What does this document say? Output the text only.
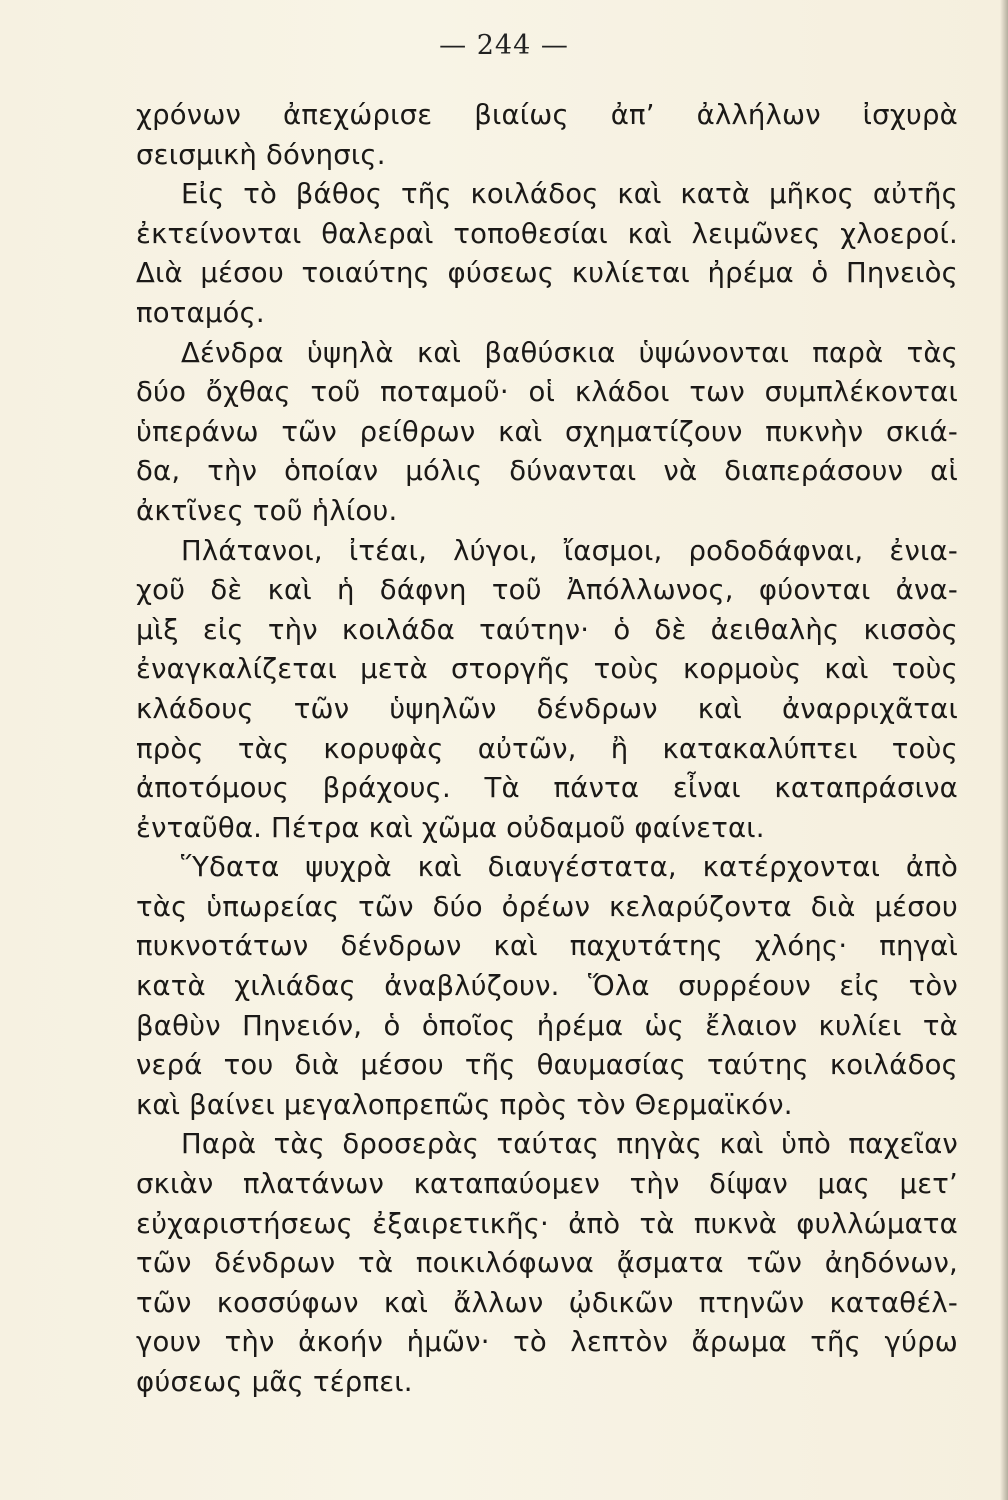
— 244 —
χρόνων ἀπεχώρισε βιαίως ἀπ’ ἀλλήλων ἰσχυρὰ
σεισμικὴ δόνησις.
Εἰς τὸ βάθος τῆς κοιλάδος καὶ κατὰ μῆκος αὐτῆς
ἐκτείνονται θαλεραὶ τοποθεσίαι καὶ λειμῶνες χλοεροί.
Διὰ μέσου τοιαύτης φύσεως κυλίεται ἠρέμα ὁ Πηνειὸς
ποταμός.
Δένδρα ὑψηλὰ καὶ βαθύσκια ὑψώνονται παρὰ τὰς
δύο ὄχθας τοῦ ποταμοῦ· οἱ κλάδοι των συμπλέκονται
ὑπεράνω τῶν ρείθρων καὶ σχηματίζουν πυκνὴν σκιά-
δα, τὴν ὁποίαν μόλις δύνανται νὰ διαπεράσουν αἱ
ἀκτῖνες τοῦ ἡλίου.
Πλάτανοι, ἰτέαι, λύγοι, ἴασμοι, ροδοδάφναι, ἐνια-
χοῦ δὲ καὶ ἡ δάφνη τοῦ Ἀπόλλωνος, φύονται ἀνα-
μὶξ εἰς τὴν κοιλάδα ταύτην· ὁ δὲ ἀειθαλὴς κισσὸς
ἐναγκαλίζεται μετὰ στοργῆς τοὺς κορμοὺς καὶ τοὺς
κλάδους τῶν ὑψηλῶν δένδρων καὶ ἀναρριχᾶται
πρὸς τὰς κορυφὰς αὐτῶν, ἢ κατακαλύπτει τοὺς
ἀποτόμους βράχους. Τὰ πάντα εἶναι καταπράσινα
ἐνταῦθα. Πέτρα καὶ χῶμα οὐδαμοῦ φαίνεται.
Ὕδατα ψυχρὰ καὶ διαυγέστατα, κατέρχονται ἀπὸ
τὰς ὑπωρείας τῶν δύο ὀρέων κελαρύζοντα διὰ μέσου
πυκνοτάτων δένδρων καὶ παχυτάτης χλόης· πηγαὶ
κατὰ χιλιάδας ἀναβλύζουν. Ὅλα συρρέουν εἰς τὸν
βαθὺν Πηνειόν, ὁ ὁποῖος ἠρέμα ὡς ἔλαιον κυλίει τὰ
νερά του διὰ μέσου τῆς θαυμασίας ταύτης κοιλάδος
καὶ βαίνει μεγαλοπρεπῶς πρὸς τὸν Θερμαϊκόν.
Παρὰ τὰς δροσερὰς ταύτας πηγὰς καὶ ὑπὸ παχεῖαν
σκιὰν πλατάνων καταπαύομεν τὴν δίψαν μας μετ’
εὐχαριστήσεως ἐξαιρετικῆς· ἀπὸ τὰ πυκνὰ φυλλώματα
τῶν δένδρων τὰ ποικιλόφωνα ᾄσματα τῶν ἀηδόνων,
τῶν κοσσύφων καὶ ἄλλων ᾠδικῶν πτηνῶν καταθέλ-
γουν τὴν ἀκοήν ἡμῶν· τὸ λεπτὸν ἄρωμα τῆς γύρω
φύσεως μᾶς τέρπει.
